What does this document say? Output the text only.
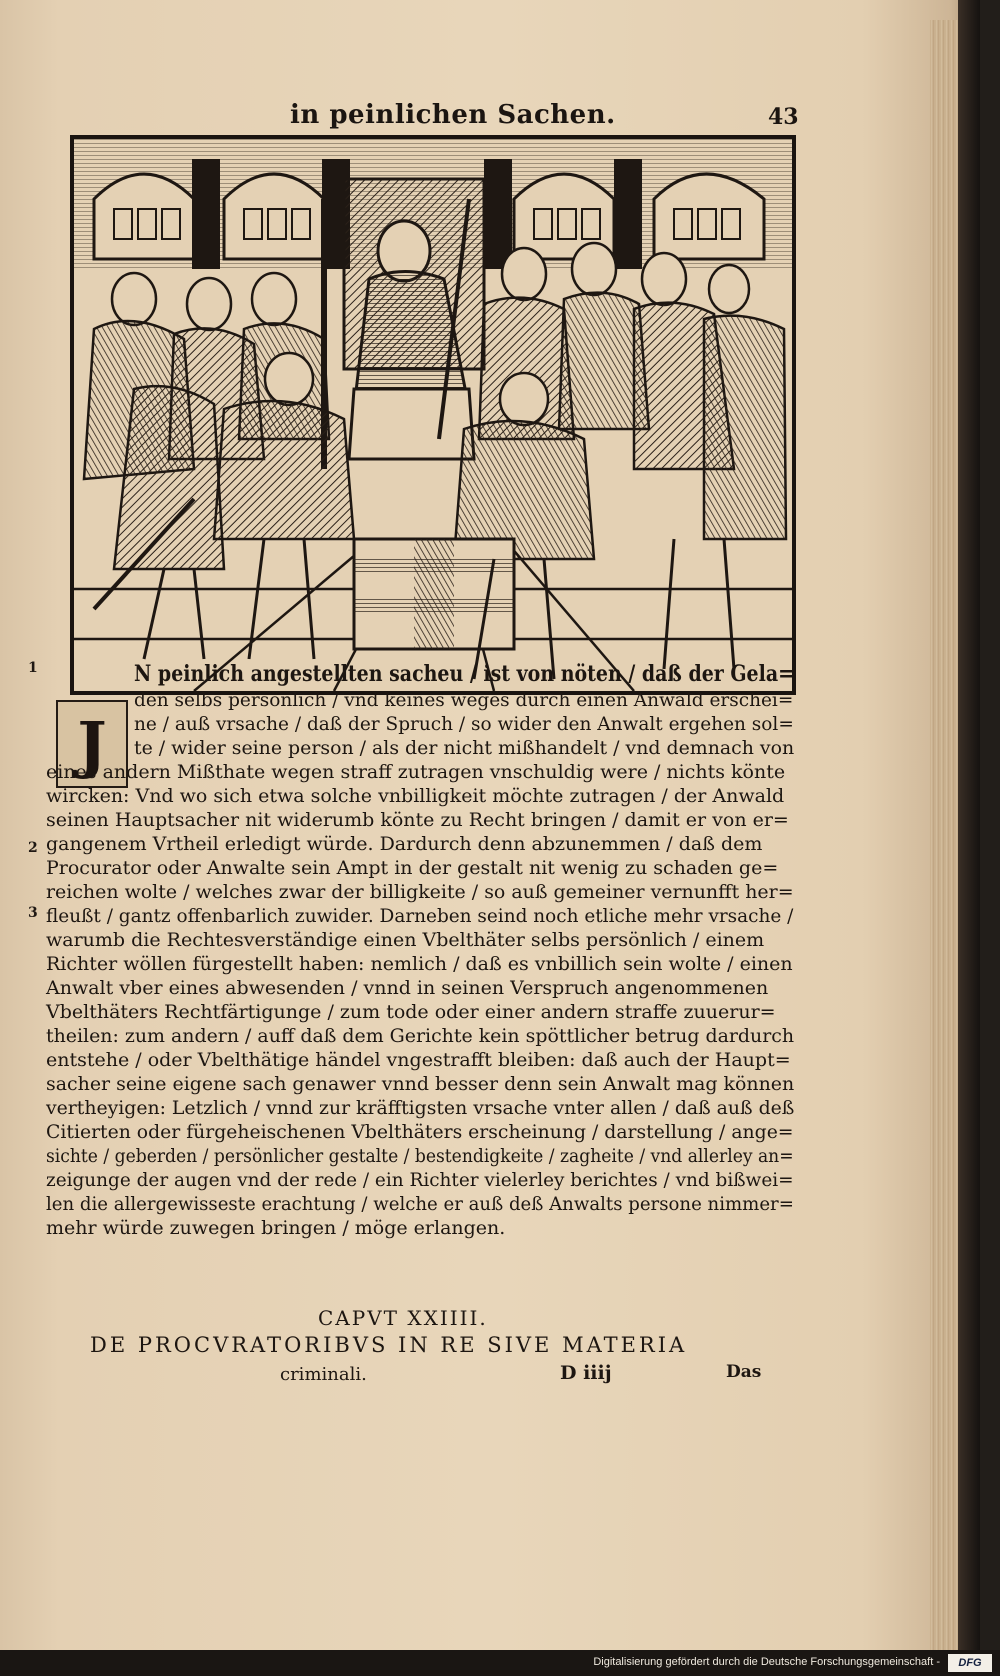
in peinlichen Sachen.	43
J
1
2
3
N peinlich angestellten sacheu / ist von nöten / daß der Gela=
den selbs persönlich / vnd keines weges durch einen Anwald erschei=
ne / auß vrsache / daß der Spruch / so wider den Anwalt ergehen sol=
te / wider seine person / als der nicht mißhandelt / vnd demnach von
eines andern Mißthate wegen straff zutragen vnschuldig were / nichts könte
wircken: Vnd wo sich etwa solche vnbilligkeit möchte zutragen / der Anwald
seinen Hauptsacher nit widerumb könte zu Recht bringen / damit er von er=
gangenem Vrtheil erledigt würde. Dardurch denn abzunemmen / daß dem
Procurator oder Anwalte sein Ampt in der gestalt nit wenig zu schaden ge=
reichen wolte / welches zwar der billigkeite / so auß gemeiner vernunfft her=
fleußt / gantz offenbarlich zuwider. Darneben seind noch etliche mehr vrsache /
warumb die Rechtesverständige einen Vbelthäter selbs persönlich / einem
Richter wöllen fürgestellt haben: nemlich / daß es vnbillich sein wolte / einen
Anwalt vber eines abwesenden / vnnd in seinen Verspruch angenommenen
Vbelthäters Rechtfärtigunge / zum tode oder einer andern straffe zuuerur=
theilen: zum andern / auff daß dem Gerichte kein spöttlicher betrug dardurch
entstehe / oder Vbelthätige händel vngestrafft bleiben: daß auch der Haupt=
sacher seine eigene sach genawer vnnd besser denn sein Anwalt mag können
vertheyigen: Letzlich / vnnd zur kräfftigsten vrsache vnter allen / daß auß deß
Citierten oder fürgeheischenen Vbelthäters erscheinung / darstellung / ange=
sichte / geberden / persönlicher gestalte / bestendigkeite / zagheite / vnd allerley an=
zeigunge der augen vnd der rede / ein Richter vielerley berichtes / vnd bißwei=
len die allergewisseste erachtung / welche er auß deß Anwalts persone nimmer=
mehr würde zuwegen bringen / möge erlangen.
CAPVT XXIIII.
DE PROCVRATORIBVS IN RE SIVE MATERIA
criminali.	D iiij	Das
Digitalisierung gefördert durch die Deutsche Forschungsgemeinschaft -	DFG
